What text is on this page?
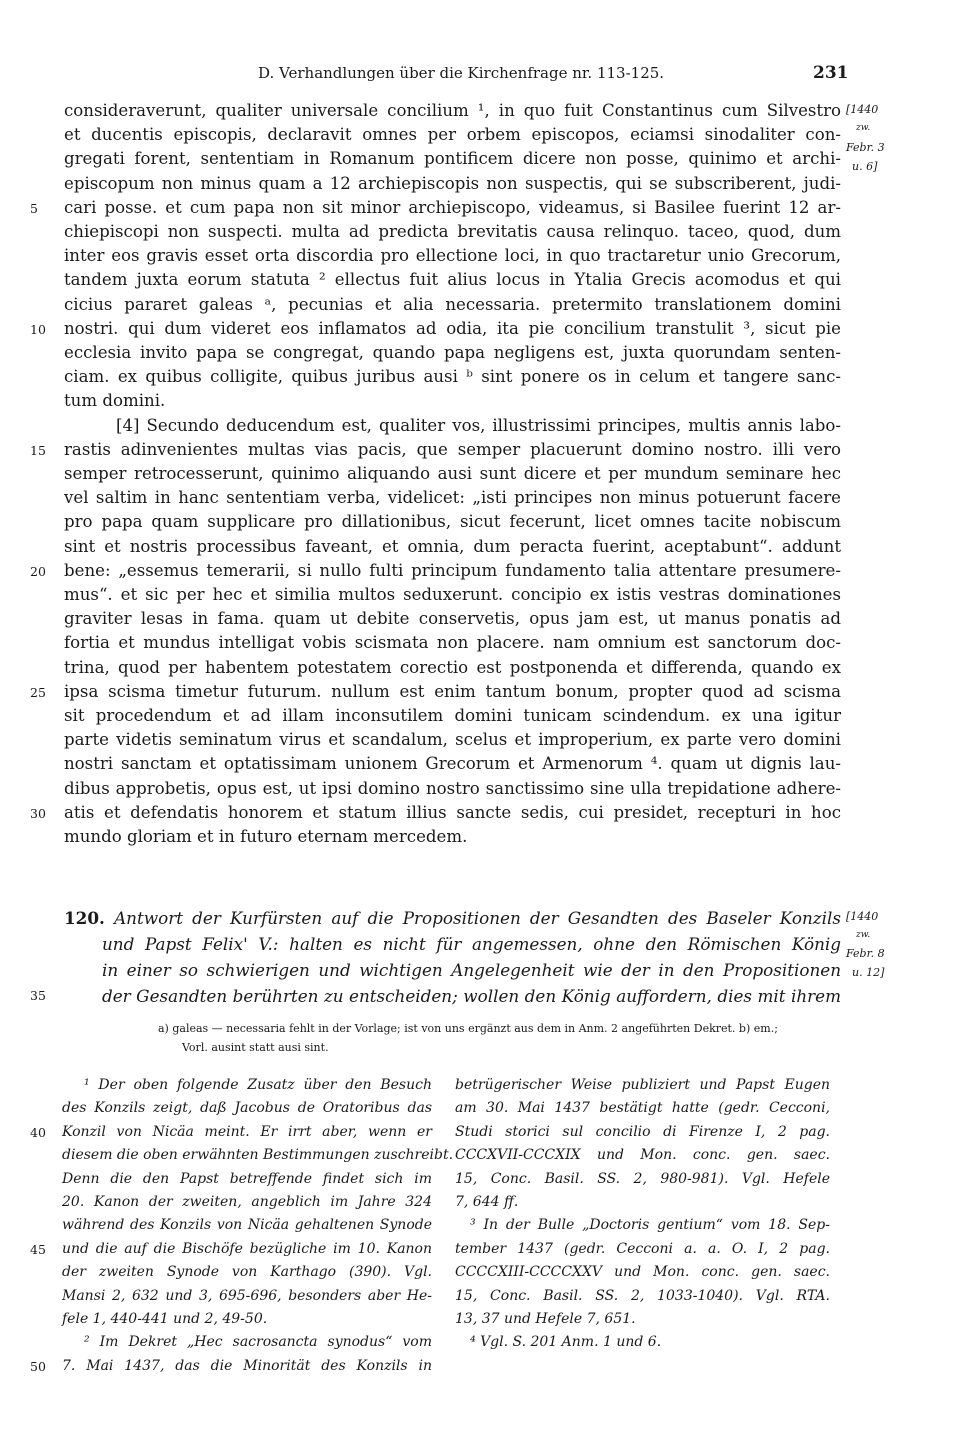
D. Verhandlungen über die Kirchenfrage nr. 113-125.	231
consideraverunt, qualiter universale concilium ¹, in quo fuit Constantinus cum Silvestro
et ducentis episcopis, declaravit omnes per orbem episcopos, eciamsi sinodaliter con-
gregati forent, sententiam in Romanum pontificem dicere non posse, quinimo et archi-
episcopum non minus quam a 12 archiepiscopis non suspectis, qui se subscriberent, judi-
cari posse. et cum papa non sit minor archiepiscopo, videamus, si Basilee fuerint 12 ar-
5
chiepiscopi non suspecti. multa ad predicta brevitatis causa relinquo. taceo, quod, dum
inter eos gravis esset orta discordia pro ellectione loci, in quo tractaretur unio Grecorum,
tandem juxta eorum statuta ² ellectus fuit alius locus in Ytalia Grecis acomodus et qui
cicius pararet galeas ᵃ, pecunias et alia necessaria. pretermito translationem domini
nostri. qui dum videret eos inflamatos ad odia, ita pie concilium transtulit ³, sicut pie
10
ecclesia invito papa se congregat, quando papa negligens est, juxta quorundam senten-
ciam. ex quibus colligite, quibus juribus ausi ᵇ sint ponere os in celum et tangere sanc-
tum domini.
[4] Secundo deducendum est, qualiter vos, illustrissimi principes, multis annis labo-
rastis adinvenientes multas vias pacis, que semper placuerunt domino nostro. illi vero
15
semper retrocesserunt, quinimo aliquando ausi sunt dicere et per mundum seminare hec
vel saltim in hanc sententiam verba, videlicet: „isti principes non minus potuerunt facere
pro papa quam supplicare pro dillationibus, sicut fecerunt, licet omnes tacite nobiscum
sint et nostris processibus faveant, et omnia, dum peracta fuerint, aceptabunt“. addunt
bene: „essemus temerarii, si nullo fulti principum fundamento talia attentare presumere-
20
mus“. et sic per hec et similia multos seduxerunt. concipio ex istis vestras dominationes
graviter lesas in fama. quam ut debite conservetis, opus jam est, ut manus ponatis ad
fortia et mundus intelligat vobis scismata non placere. nam omnium est sanctorum doc-
trina, quod per habentem potestatem corectio est postponenda et differenda, quando ex
ipsa scisma timetur futurum. nullum est enim tantum bonum, propter quod ad scisma
25
sit procedendum et ad illam inconsutilem domini tunicam scindendum. ex una igitur
parte videtis seminatum virus et scandalum, scelus et improperium, ex parte vero domini
nostri sanctam et optatissimam unionem Grecorum et Armenorum ⁴. quam ut dignis lau-
dibus approbetis, opus est, ut ipsi domino nostro sanctissimo sine ulla trepidatione adhere-
atis et defendatis honorem et statum illius sancte sedis, cui presidet, recepturi in hoc
30
mundo gloriam et in futuro eternam mercedem.
[1440
zw.
Febr. 3
u. 6]
120. Antwort der Kurfürsten auf die Propositionen der Gesandten des Baseler Konzils
und Papst Felix' V.: halten es nicht für angemessen, ohne den Römischen König
in einer so schwierigen und wichtigen Angelegenheit wie der in den Propositionen
der Gesandten berührten zu entscheiden; wollen den König auffordern, dies mit ihrem
35
[1440
zw.
Febr. 8
u. 12]
a) galeas — necessaria fehlt in der Vorlage; ist von uns ergänzt aus dem in Anm. 2 angeführten Dekret. b) em.;
Vorl. ausint statt ausi sint.
¹ Der oben folgende Zusatz über den Besuch
des Konzils zeigt, daß Jacobus de Oratoribus das
Konzil von Nicäa meint. Er irrt aber, wenn er
40
diesem die oben erwähnten Bestimmungen zuschreibt.
Denn die den Papst betreffende findet sich im
20. Kanon der zweiten, angeblich im Jahre 324
während des Konzils von Nicäa gehaltenen Synode
und die auf die Bischöfe bezügliche im 10. Kanon
45
der zweiten Synode von Karthago (390). Vgl.
Mansi 2, 632 und 3, 695-696, besonders aber He-
fele 1, 440-441 und 2, 49-50.
² Im Dekret „Hec sacrosancta synodus“ vom
7. Mai 1437, das die Minorität des Konzils in
50
betrügerischer Weise publiziert und Papst Eugen
am 30. Mai 1437 bestätigt hatte (gedr. Cecconi,
Studi storici sul concilio di Firenze I, 2 pag.
CCCXVII-CCCXIX und Mon. conc. gen. saec.
15, Conc. Basil. SS. 2, 980-981). Vgl. Hefele
7, 644 ff.
³ In der Bulle „Doctoris gentium“ vom 18. Sep-
tember 1437 (gedr. Cecconi a. a. O. I, 2 pag.
CCCCXIII-CCCCXXV und Mon. conc. gen. saec.
15, Conc. Basil. SS. 2, 1033-1040). Vgl. RTA.
13, 37 und Hefele 7, 651.
⁴ Vgl. S. 201 Anm. 1 und 6.
